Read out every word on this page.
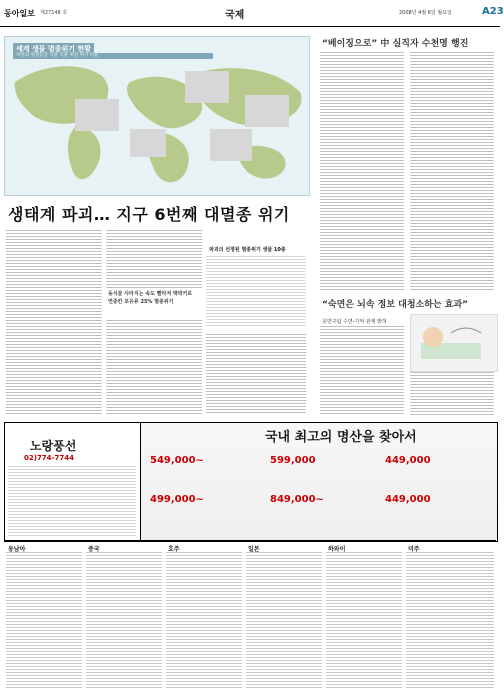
동아일보 제27148 호	국제	2008년 4월 6일 월요일	A23
세계 생물 멸종위기 현황
자연의 위험등급 식물 식물 위험 위기 비율
생태계 파괴… 지구 6번째 대멸종 위기
동식물 사라지는 속도 빨라져 맥박키로 연중칸 포유류 25% 멸종위기
파괴의 선정된 멸종위기 생물 10종
“베이징으로” 中 실직자 수천명 행진
“숙면은 뇌속 정보 대청소하는 효과”
美연구팀 수면-기억 관계 밝혀
노랑풍선
02)774-7744
국내 최고의 명산을 찾아서
549,000~	599,000	449,000
499,000~	849,000~	449,000
동남아	중국	호주	일본	하와이	미주
